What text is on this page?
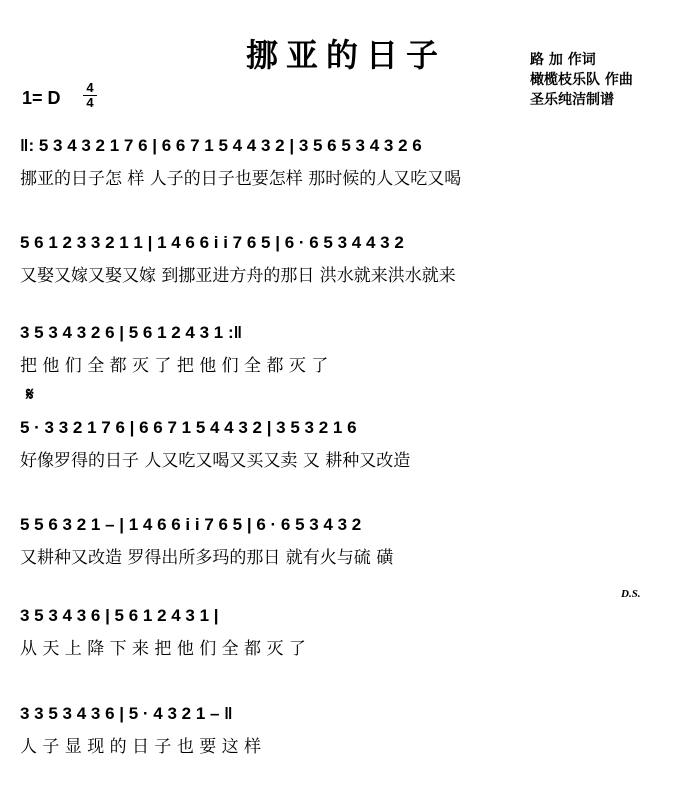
挪亚的日子	路 加 作词
橄榄枝乐队 作曲
圣乐纯洁制谱
1= D
4
4
𝄋
D.S.
‖: 5 3 4 3 2 1 7 6 | 6 6 7 1 5 4 4 3 2 | 3 5 6 5 3 4 3 2 6
挪亚的日子怎 样 人子的日子也要怎样 那时候的人又吃又喝
5 6 1 2 3 3 2 1 1 | 1 4 6 6 i i 7 6 5 | 6 · 6 5 3 4 4 3 2
又娶又嫁又娶又嫁 到挪亚进方舟的那日 洪水就来洪水就来
3 5 3 4 3 2 6 | 5 6 1 2 4 3 1 :‖
把 他 们 全 都 灭 了 把 他 们 全 都 灭 了
5 · 3 3 2 1 7 6 | 6 6 7 1 5 4 4 3 2 | 3 5 3 2 1 6
好像罗得的日子 人又吃又喝又买又卖 又 耕种又改造
5 5 6 3 2 1 – | 1 4 6 6 i i 7 6 5 | 6 · 6 5 3 4 3 2
又耕种又改造 罗得出所多玛的那日 就有火与硫 磺
3 5 3 4 3 6 | 5 6 1 2 4 3 1 |
从 天 上 降 下 来 把 他 们 全 都 灭 了
3 3 5 3 4 3 6 | 5 · 4 3 2 1 – ‖
人 子 显 现 的 日 子 也 要 这 样
